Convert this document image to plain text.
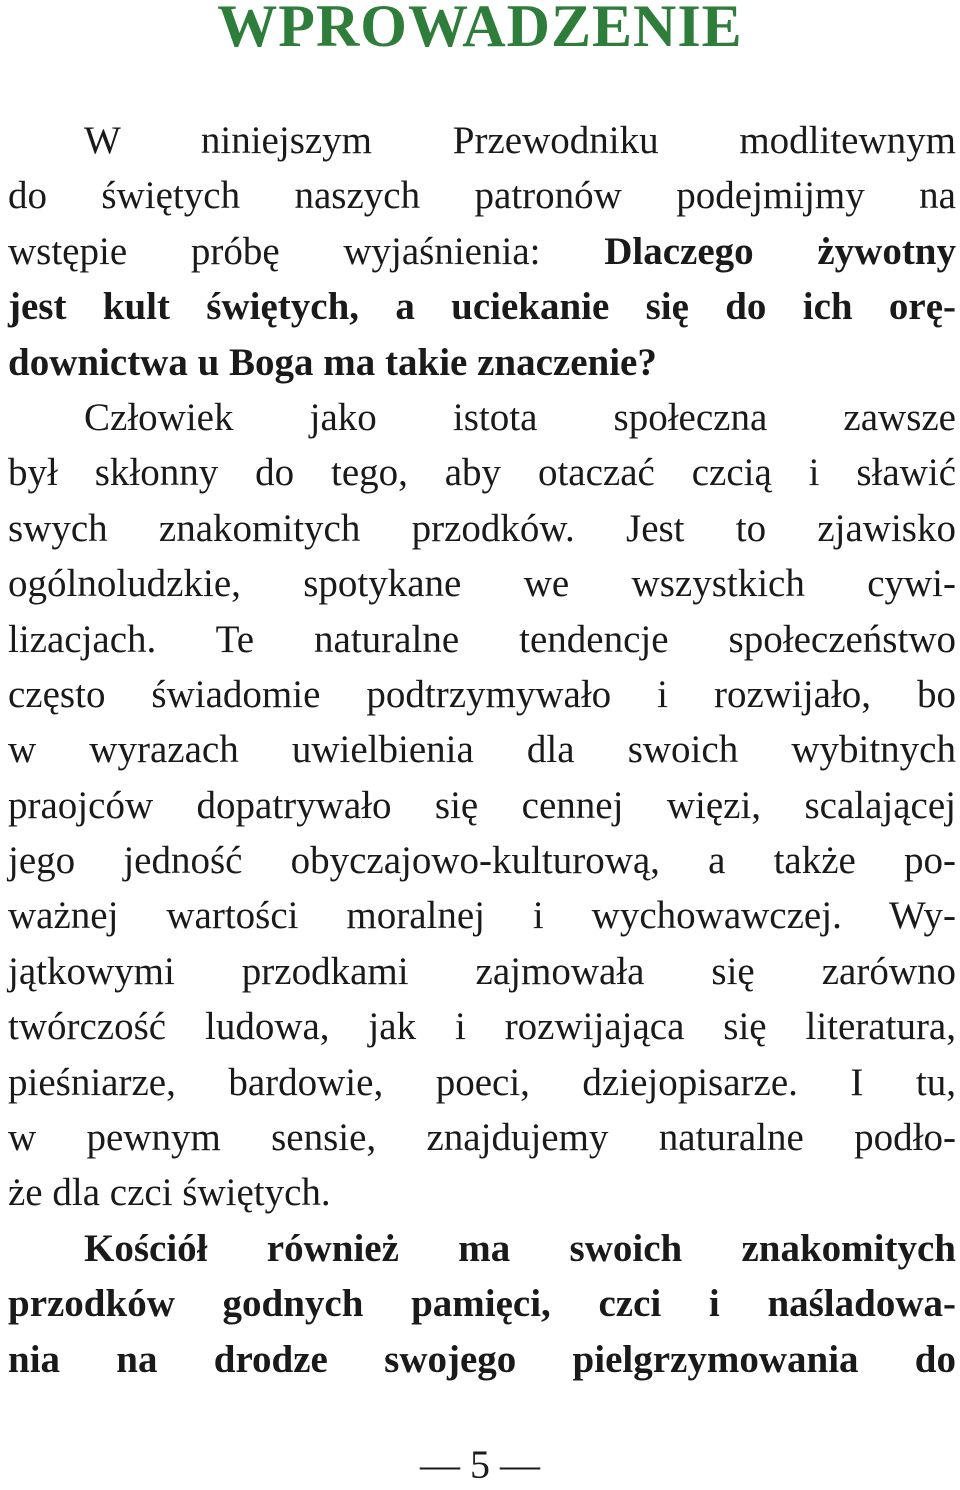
WPROWADZENIE
W niniejszym Przewodniku modlitewnym
do świętych naszych patronów podejmijmy na
wstępie próbę wyjaśnienia: Dlaczego żywotny
jest kult świętych, a uciekanie się do ich orę-
downictwa u Boga ma takie znaczenie?
Człowiek jako istota społeczna zawsze
był skłonny do tego, aby otaczać czcią i sławić
swych znakomitych przodków. Jest to zjawisko
ogólnoludzkie, spotykane we wszystkich cywi-
lizacjach. Te naturalne tendencje społeczeństwo
często świadomie podtrzymywało i rozwijało, bo
w wyrazach uwielbienia dla swoich wybitnych
praojców dopatrywało się cennej więzi, scalającej
jego jedność obyczajowo-kulturową, a także po-
ważnej wartości moralnej i wychowawczej. Wy-
jątkowymi przodkami zajmowała się zarówno
twórczość ludowa, jak i rozwijająca się literatura,
pieśniarze, bardowie, poeci, dziejopisarze. I tu,
w pewnym sensie, znajdujemy naturalne podło-
że dla czci świętych.
Kościół również ma swoich znakomitych
przodków godnych pamięci, czci i naśladowa-
nia na drodze swojego pielgrzymowania do
— 5 —
